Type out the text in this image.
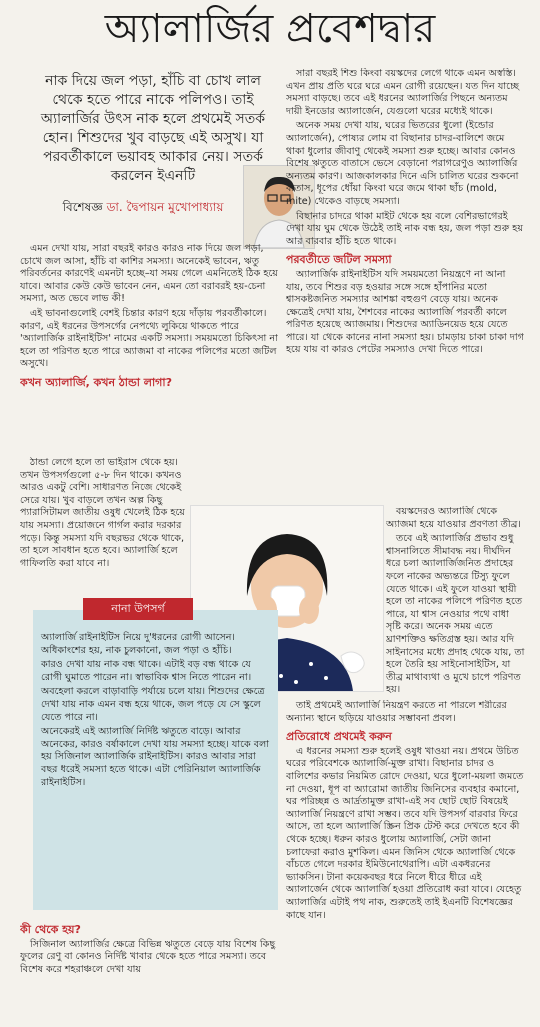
অ্যালার্জির প্রবেশদ্বার
নাক দিয়ে জল পড়া, হাঁচি বা চোখ লাল থেকে হতে পারে নাকে পলিপও। তাই অ্যালার্জির উৎস নাক হলে প্রথমেই সতর্ক হোন। শিশুদের খুব বাড়ছে এই অসুখ। যা পরবর্তীকালে ভয়াবহ আকার নেয়। সতর্ক করলেন ইএনটি
বিশেষজ্ঞ ডা. দ্বৈপায়ন মুখোপাধ্যায়

এমন দেখা যায়, সারা বছরই কারও কারও নাক দিয়ে জল পড়া, চোখে জল আসা, হাঁচি বা কাশির সমস্যা। অনেকেই ভাবেন, ঋতু পরিবর্তনের কারণেই এমনটা হচ্ছে–যা সময় গেলে এমনিতেই ঠিক হয়ে যাবে। আবার কেউ কেউ ভাবেন নেন, এমন তো বরাবরই হয়-চেনা সমস্যা, অত ভেবে লাভ কী!

এই ভাবনাগুলোই বেশই চিন্তার কারণ হয়ে দাঁড়ায় পরবর্তীকালে। কারণ, এই ধরনের উপসর্গের নেপথ্যে লুকিয়ে থাকতে পারে 'অ্যালার্জিক রাইনাইটিস' নামের একটি সমস্যা। সময়মতো চিকিৎসা না হলে তা পরিণত হতে পারে অ্যাজমা বা নাকের পলিপের মতো জটিল অসুখে।

কখন অ্যালার্জি, কখন ঠান্ডা লাগা?

ঠান্ডা লেগে হলে তা ভাইরাস থেকে হয়। তখন উপসর্গগুলো ৫-৮ দিন থাকে। কখনও আরও একটু বেশি। সাধারণত নিজে থেকেই সেরে যায়। খুব বাড়লে তখন অল্প কিছু প্যারাসিটামল জাতীয় ওষুধ খেলেই ঠিক হয়ে যায় সমস্যা। প্রয়োজনে গার্গল করার দরকার পড়ে। কিন্তু সমস্যা যদি বছরভর থেকে থাকে, তা হলে সাবধান হতে হবে। অ্যালার্জি হলে গাফিলতি করা যাবে না।

নানা উপসর্গ

অ্যালার্জি রাইনাইটিস নিয়ে দু'ধরনের রোগী আসেন। অধিকাংশের হয়, নাক চুলকানো, জল পড়া ও হাঁচি।

কারও দেখা যায় নাক বন্ধ থাকে। এটাই বড় বন্ধ থাকে যে রোগী ঘুমাতে পারেন না। স্বাভাবিক শ্বাস নিতে পারেন না।

অবহেলা করলে বাড়াবাড়ি পর্যায়ে চলে যায়। শিশুদের ক্ষেত্রে দেখা যায় নাক এমন বন্ধ হয়ে থাকে, জল পড়ে যে সে স্কুলে যেতে পারে না।

অনেকেরই এই অ্যালার্জি নির্দিষ্ট ঋতুতে বাড়ে। আবার অনেকের, কারও বর্ষাকালে দেখা যায় সমস্যা হচ্ছে। যাকে বলা হয় সিজিনাল অ্যালার্জিক রাইনাইটিস। কারও আবার সারা বছর ধরেই সমস্যা হতে থাকে। এটা পেরিনিয়াল অ্যালার্জিক রাইনাইটিস।

কী থেকে হয়?

সিজিনাল অ্যালার্জির ক্ষেত্রে বিভিন্ন ঋতুতে বেড়ে যায় বিশেষ কিছু ফুলের রেণু বা কোনও নির্দিষ্ট খাবার থেকে হতে পারে সমস্যা। তবে বিশেষ করে শহরাঞ্চলে দেখা যায়

সারা বছরই শিশু কিংবা বয়স্কদের লেগে থাকে এমন অস্বস্তি। এখন প্রায় প্রতি ঘরে ঘরে এমন রোগী রয়েছেন। যত দিন যাচ্ছে সমস্যা বাড়ছে। তবে এই ধরনের অ্যালার্জির পিছনে অন্যতম দায়ী ইনডোর অ্যালার্জেন, যেগুলো ঘরের মধ্যেই থাকে।

অনেক সময় দেখা যায়, ঘরের ভিতরের ধুলো (ইন্ডোর অ্যালার্জেন), পোষ্যর লোম বা বিছানার চাদর-বালিশে জমে থাকা ধুলোর জীবাণু থেকেই সমস্যা শুরু হচ্ছে। আবার কোনও বিশেষ ঋতুতে বাতাসে ভেসে বেড়ানো পরাগরেণুও অ্যালার্জির অন্যতম কারণ। আজকালকার দিনে এসি চালিত ঘরের শুকনো বাতাস, ধূপের ধোঁয়া কিংবা ঘরে জমে থাকা ছাঁচ (mold, mite) থেকেও বাড়ছে সমস্যা।

বিছানার চাদরে থাকা মাইট থেকে হয় বলে বেশিরভাগেরই দেখা যায় ঘুম থেকে উঠেই তাই নাক বন্ধ হয়, জল পড়া শুরু হয় আর বারবার হাঁচি হতে থাকে।

পরবর্তীতে জটিল সমস্যা

অ্যালার্জিক রাইনাইটিস যদি সময়মতো নিয়ন্ত্রণে না আনা যায়, তবে শিশুর বড় হওয়ার সঙ্গে সঙ্গে হাঁপানির মতো শ্বাসকষ্টজনিত সমস্যার আশঙ্কা বহুগুণ বেড়ে যায়। অনেক ক্ষেত্রেই দেখা যায়, শৈশবের নাকের অ্যালার্জি পরবর্তী কালে পরিণত হয়েছে অ্যাজমায়। শিশুদের অ্যাডিনয়েড হয়ে যেতে পারে। যা থেকে কানের নানা সমস্যা হয়। চামড়ায় চাকা চাকা দাগ হয়ে যায় বা কারও পেটের সমস্যাও দেখা দিতে পারে।

বয়স্কদেরও অ্যালার্জি থেকে অ্যাজমা হয়ে যাওয়ার প্রবণতা তীব্র।

তবে এই অ্যালার্জির প্রভাব শুধু শ্বাসনালিতে সীমাবদ্ধ নয়। দীর্ঘদিন ধরে চলা অ্যালার্জিজনিত প্রদাহের ফলে নাকের অভ্যন্তরে টিস্যু ফুলে যেতে থাকে। এই ফুলে যাওয়া স্থায়ী হলে তা নাকের পলিপে পরিণত হতে পারে, যা শ্বাস নেওয়ার পথে বাধা সৃষ্টি করে। অনেক সময় এতে ঘ্রাণশক্তিও ক্ষতিগ্রস্ত হয়। আর যদি সাইনাসের মধ্যে প্রদাহ থেকে যায়, তা হলে তৈরি হয় সাইনোসাইটিস, যা তীব্র মাথাব্যথা ও মুখে চাপে পরিণত হয়।

তাই প্রথমেই অ্যালার্জি নিয়ন্ত্রণ করতে না পারলে শরীরের অন্যান্য স্থানে ছড়িয়ে যাওয়ার সম্ভাবনা প্রবল।

প্রতিরোধে প্রথমেই করুন

এ ধরনের সমস্যা শুরু হলেই ওষুধ খাওয়া নয়। প্রথমে উচিত ঘরের পরিবেশকে অ্যালার্জি-মুক্ত রাখা। বিছানার চাদর ও বালিশের কভার নিয়মিত রোদে দেওয়া, ঘরে ধুলো-ময়লা জমতে না দেওয়া, ধূপ বা অ্যারোমা জাতীয় জিনিসের ব্যবহার কমানো, ঘর পরিচ্ছন্ন ও আর্দ্রতামুক্ত রাখা-এই সব ছোট ছোট বিষয়েই অ্যালার্জি নিয়ন্ত্রণে রাখা সম্ভব। তবে যদি উপসর্গ বারবার ফিরে আসে, তা হলে অ্যালার্জি স্ক্রিন প্রিক টেস্ট করে দেখতে হবে কী থেকে হচ্ছে। ধরুন কারও ধুলোয় অ্যালার্জি, সেটা জানা চলাফেরা করাও মুশকিল। এমন জিনিস থেকে অ্যালার্জি থেকে বাঁচতে গেলে দরকার ইমিউনোথেরাপি। এটা একধরনের ভ্যাকসিন। টানা কয়েকবছর ধরে নিলে ধীরে ধীরে এই অ্যালার্জেন থেকে অ্যালার্জি হওয়া প্রতিরোধ করা যাবে। যেহেতু অ্যালার্জির এটাই পথ নাক, শুরুতেই তাই ইএনটি বিশেষজ্ঞের কাছে যান।
